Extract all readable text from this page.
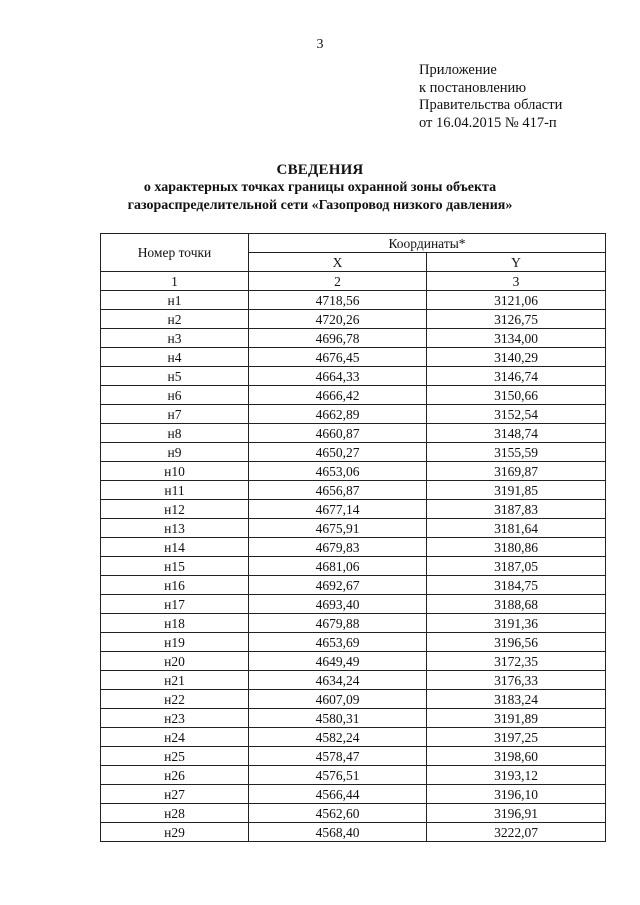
3
Приложение
к постановлению
Правительства области
от 16.04.2015 № 417-п
СВЕДЕНИЯ
о характерных точках границы охранной зоны объекта
газораспределительной сети «Газопровод низкого давления»
Номер точки	Координаты*	
	X	Y
1	2	3
н1	4718,56	3121,06
н2	4720,26	3126,75
н3	4696,78	3134,00
н4	4676,45	3140,29
н5	4664,33	3146,74
н6	4666,42	3150,66
н7	4662,89	3152,54
н8	4660,87	3148,74
н9	4650,27	3155,59
н10	4653,06	3169,87
н11	4656,87	3191,85
н12	4677,14	3187,83
н13	4675,91	3181,64
н14	4679,83	3180,86
н15	4681,06	3187,05
н16	4692,67	3184,75
н17	4693,40	3188,68
н18	4679,88	3191,36
н19	4653,69	3196,56
н20	4649,49	3172,35
н21	4634,24	3176,33
н22	4607,09	3183,24
н23	4580,31	3191,89
н24	4582,24	3197,25
н25	4578,47	3198,60
н26	4576,51	3193,12
н27	4566,44	3196,10
н28	4562,60	3196,91
н29	4568,40	3222,07
